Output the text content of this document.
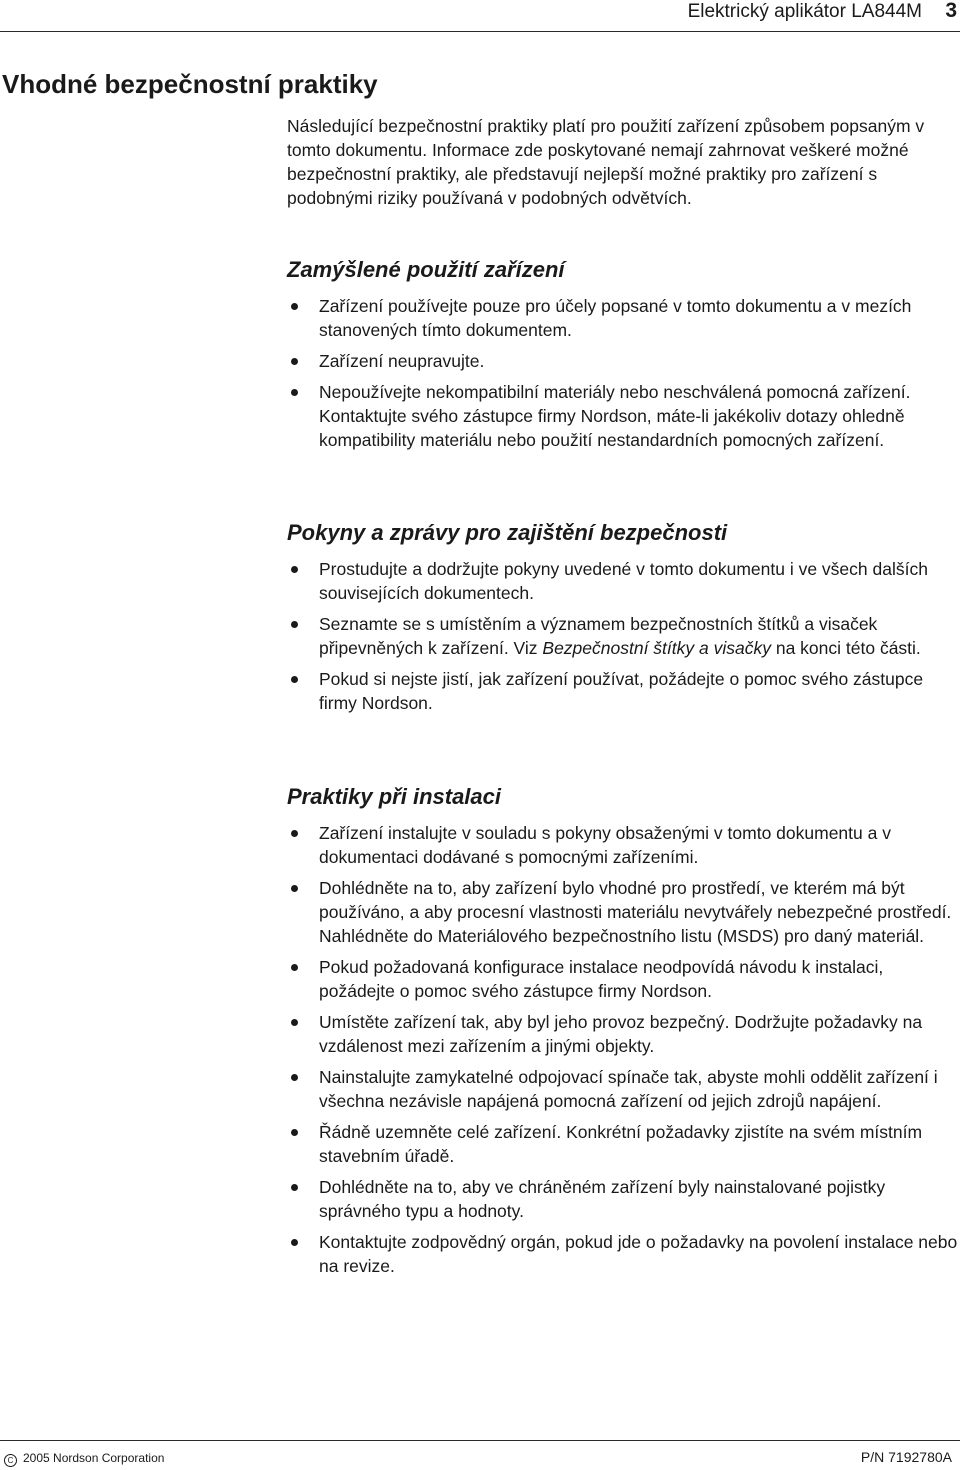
Elektrický aplikátor LA844M 3
Vhodné bezpečnostní praktiky

Následující bezpečnostní praktiky platí pro použití zařízení způsobem popsaným v tomto dokumentu. Informace zde poskytované nemají zahrnovat veškeré možné bezpečnostní praktiky, ale představují nejlepší možné praktiky pro zařízení s podobnými riziky používaná v podobných odvětvích.

Zamýšlené použití zařízení
Zařízení používejte pouze pro účely popsané v tomto dokumentu a v mezích stanovených tímto dokumentem.
Zařízení neupravujte.
Nepoužívejte nekompatibilní materiály nebo neschválená pomocná zařízení. Kontaktujte svého zástupce firmy Nordson, máte-li jakékoliv dotazy ohledně kompatibility materiálu nebo použití nestandardních pomocných zařízení.
Pokyny a zprávy pro zajištění bezpečnosti
Prostudujte a dodržujte pokyny uvedené v tomto dokumentu i ve všech dalších souvisejících dokumentech.
Seznamte se s umístěním a významem bezpečnostních štítků a visaček připevněných k zařízení. Viz Bezpečnostní štítky a visačky na konci této části.
Pokud si nejste jistí, jak zařízení používat, požádejte o pomoc svého zástupce firmy Nordson.
Praktiky při instalaci
Zařízení instalujte v souladu s pokyny obsaženými v tomto dokumentu a v dokumentaci dodávané s pomocnými zařízeními.
Dohlédněte na to, aby zařízení bylo vhodné pro prostředí, ve kterém má být používáno, a aby procesní vlastnosti materiálu nevytvářely nebezpečné prostředí. Nahlédněte do Materiálového bezpečnostního listu (MSDS) pro daný materiál.
Pokud požadovaná konfigurace instalace neodpovídá návodu k instalaci, požádejte o pomoc svého zástupce firmy Nordson.
Umístěte zařízení tak, aby byl jeho provoz bezpečný. Dodržujte požadavky na vzdálenost mezi zařízením a jinými objekty.
Nainstalujte zamykatelné odpojovací spínače tak, abyste mohli oddělit zařízení i všechna nezávisle napájená pomocná zařízení od jejich zdrojů napájení.
Řádně uzemněte celé zařízení. Konkrétní požadavky zjistíte na svém místním stavebním úřadě.
Dohlédněte na to, aby ve chráněném zařízení byly nainstalované pojistky správného typu a hodnoty.
Kontaktujte zodpovědný orgán, pokud jde o požadavky na povolení instalace nebo na revize.
C 2005 Nordson Corporation	P/N 7192780A
